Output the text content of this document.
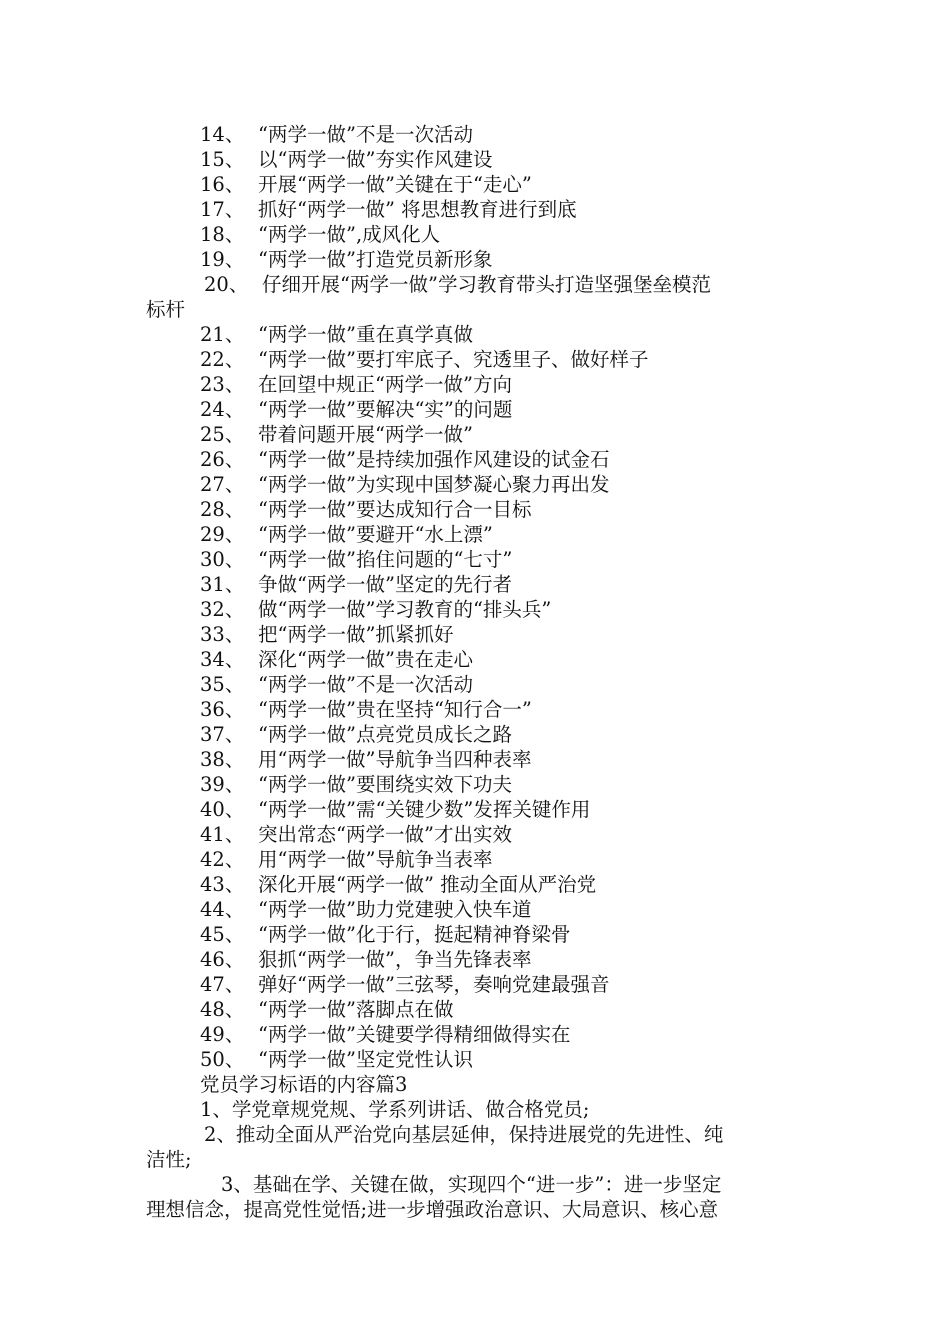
14、 “两学一做”不是一次活动
15、 以“两学一做”夯实作风建设
16、 开展“两学一做”关键在于“走心”
17、 抓好“两学一做” 将思想教育进行到底
18、 “两学一做”,成风化人
19、 “两学一做”打造党员新形象
20、 仔细开展“两学一做”学习教育带头打造坚强堡垒模范
标杆
21、 “两学一做”重在真学真做
22、 “两学一做”要打牢底子、究透里子、做好样子
23、 在回望中规正“两学一做”方向
24、 “两学一做”要解决“实”的问题
25、 带着问题开展“两学一做”
26、 “两学一做”是持续加强作风建设的试金石
27、 “两学一做”为实现中国梦凝心聚力再出发
28、 “两学一做”要达成知行合一目标
29、 “两学一做”要避开“水上漂”
30、 “两学一做”掐住问题的“七寸”
31、 争做“两学一做”坚定的先行者
32、 做“两学一做”学习教育的“排头兵”
33、 把“两学一做”抓紧抓好
34、 深化“两学一做”贵在走心
35、 “两学一做”不是一次活动
36、 “两学一做”贵在坚持“知行合一”
37、 “两学一做”点亮党员成长之路
38、 用“两学一做”导航争当四种表率
39、 “两学一做”要围绕实效下功夫
40、 “两学一做”需“关键少数”发挥关键作用
41、 突出常态“两学一做”才出实效
42、 用“两学一做”导航争当表率
43、 深化开展“两学一做” 推动全面从严治党
44、 “两学一做”助力党建驶入快车道
45、 “两学一做”化于行，挺起精神脊梁骨
46、 狠抓“两学一做”，争当先锋表率
47、 弹好“两学一做”三弦琴，奏响党建最强音
48、 “两学一做”落脚点在做
49、 “两学一做”关键要学得精细做得实在
50、 “两学一做”坚定党性认识
党员学习标语的内容篇3
1、学党章规党规、学系列讲话、做合格党员;
2、推动全面从严治党向基层延伸，保持进展党的先进性、纯
洁性;
3、基础在学、关键在做，实现四个“进一步”：进一步坚定
理想信念，提高党性觉悟;进一步增强政治意识、大局意识、核心意
